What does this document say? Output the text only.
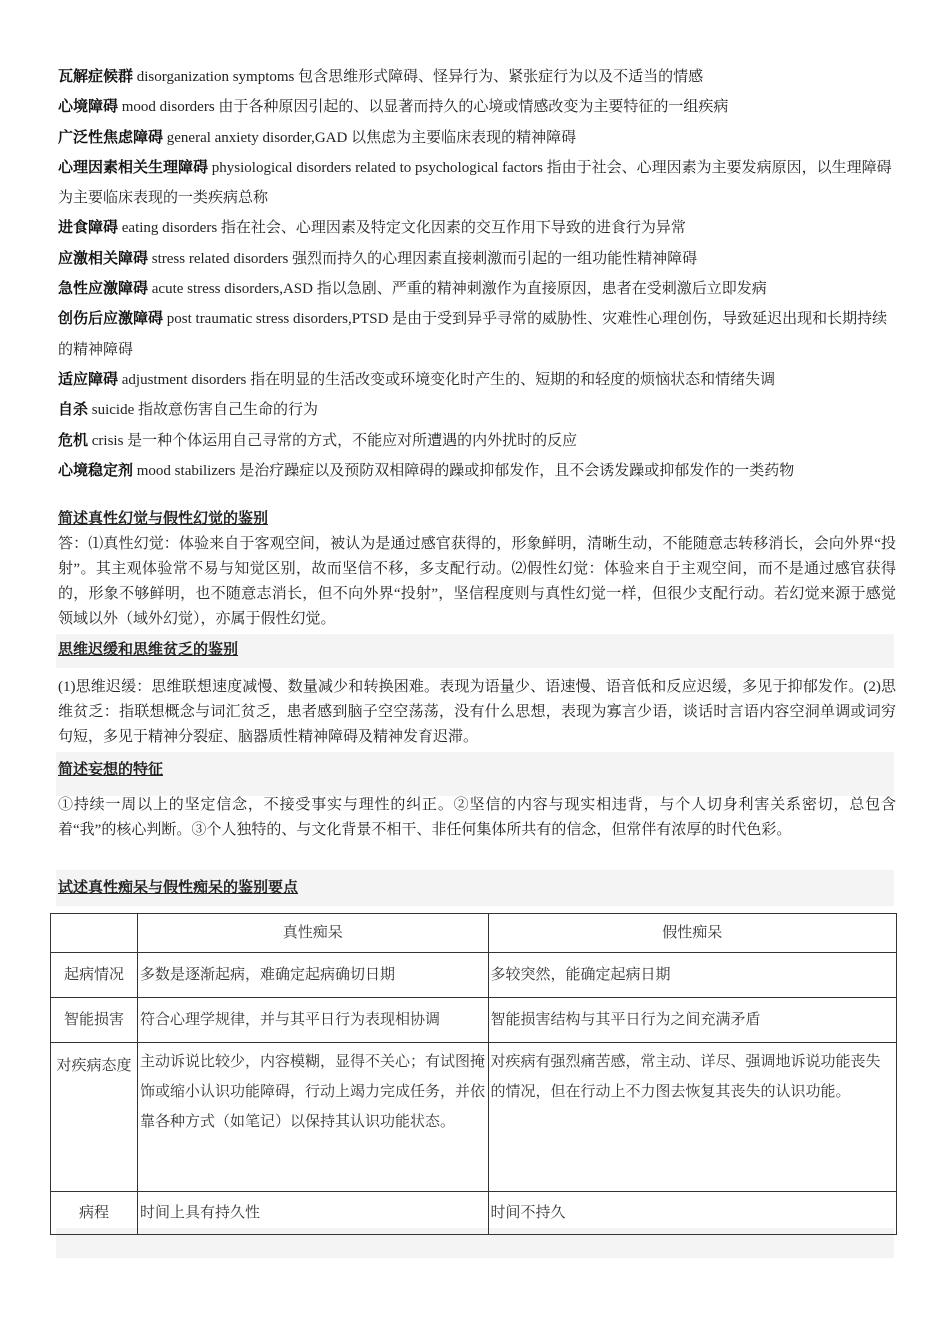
瓦解症候群 disorganization symptoms 包含思维形式障碍、怪异行为、紧张症行为以及不适当的情感

心境障碍 mood disorders 由于各种原因引起的、以显著而持久的心境或情感改变为主要特征的一组疾病

广泛性焦虑障碍 general anxiety disorder,GAD 以焦虑为主要临床表现的精神障碍

心理因素相关生理障碍 physiological disorders related to psychological factors 指由于社会、心理因素为主要发病原因，以生理障碍为主要临床表现的一类疾病总称

进食障碍 eating disorders 指在社会、心理因素及特定文化因素的交互作用下导致的进食行为异常

应激相关障碍 stress related disorders 强烈而持久的心理因素直接刺激而引起的一组功能性精神障碍

急性应激障碍 acute stress disorders,ASD 指以急剧、严重的精神刺激作为直接原因，患者在受刺激后立即发病

创伤后应激障碍 post traumatic stress disorders,PTSD 是由于受到异乎寻常的威胁性、灾难性心理创伤，导致延迟出现和长期持续的精神障碍

适应障碍 adjustment disorders 指在明显的生活改变或环境变化时产生的、短期的和轻度的烦恼状态和情绪失调

自杀 suicide 指故意伤害自己生命的行为

危机 crisis 是一种个体运用自己寻常的方式，不能应对所遭遇的内外扰时的反应

心境稳定剂 mood stabilizers 是治疗躁症以及预防双相障碍的躁或抑郁发作，且不会诱发躁或抑郁发作的一类药物

简述真性幻觉与假性幻觉的鉴别

答：⑴真性幻觉：体验来自于客观空间，被认为是通过感官获得的，形象鲜明，清晰生动，不能随意志转移消长，会向外界“投射”。其主观体验常不易与知觉区别，故而坚信不移，多支配行动。⑵假性幻觉：体验来自于主观空间，而不是通过感官获得的，形象不够鲜明，也不随意志消长，但不向外界“投射”，坚信程度则与真性幻觉一样，但很少支配行动。若幻觉来源于感觉领域以外（域外幻觉），亦属于假性幻觉。

思维迟缓和思维贫乏的鉴别

(1)思维迟缓：思维联想速度减慢、数量减少和转换困难。表现为语量少、语速慢、语音低和反应迟缓，多见于抑郁发作。(2)思维贫乏：指联想概念与词汇贫乏，患者感到脑子空空荡荡，没有什么思想，表现为寡言少语，谈话时言语内容空洞单调或词穷句短，多见于精神分裂症、脑器质性精神障碍及精神发育迟滞。

简述妄想的特征

①持续一周以上的坚定信念，不接受事实与理性的纠正。②坚信的内容与现实相违背，与个人切身利害关系密切，总包含着“我”的核心判断。③个人独特的、与文化背景不相干、非任何集体所共有的信念，但常伴有浓厚的时代色彩。

试述真性痴呆与假性痴呆的鉴别要点
	真性痴呆	假性痴呆
起病情况	多数是逐渐起病，难确定起病确切日期	多较突然，能确定起病日期
智能损害	符合心理学规律，并与其平日行为表现相协调	智能损害结构与其平日行为之间充满矛盾
对疾病态度	主动诉说比较少，内容模糊，显得不关心；有试图掩饰或缩小认识功能障碍，行动上竭力完成任务，并依靠各种方式（如笔记）以保持其认识功能状态。	对疾病有强烈痛苦感，常主动、详尽、强调地诉说功能丧失的情况，但在行动上不力图去恢复其丧失的认识功能。
病程	时间上具有持久性	时间不持久
